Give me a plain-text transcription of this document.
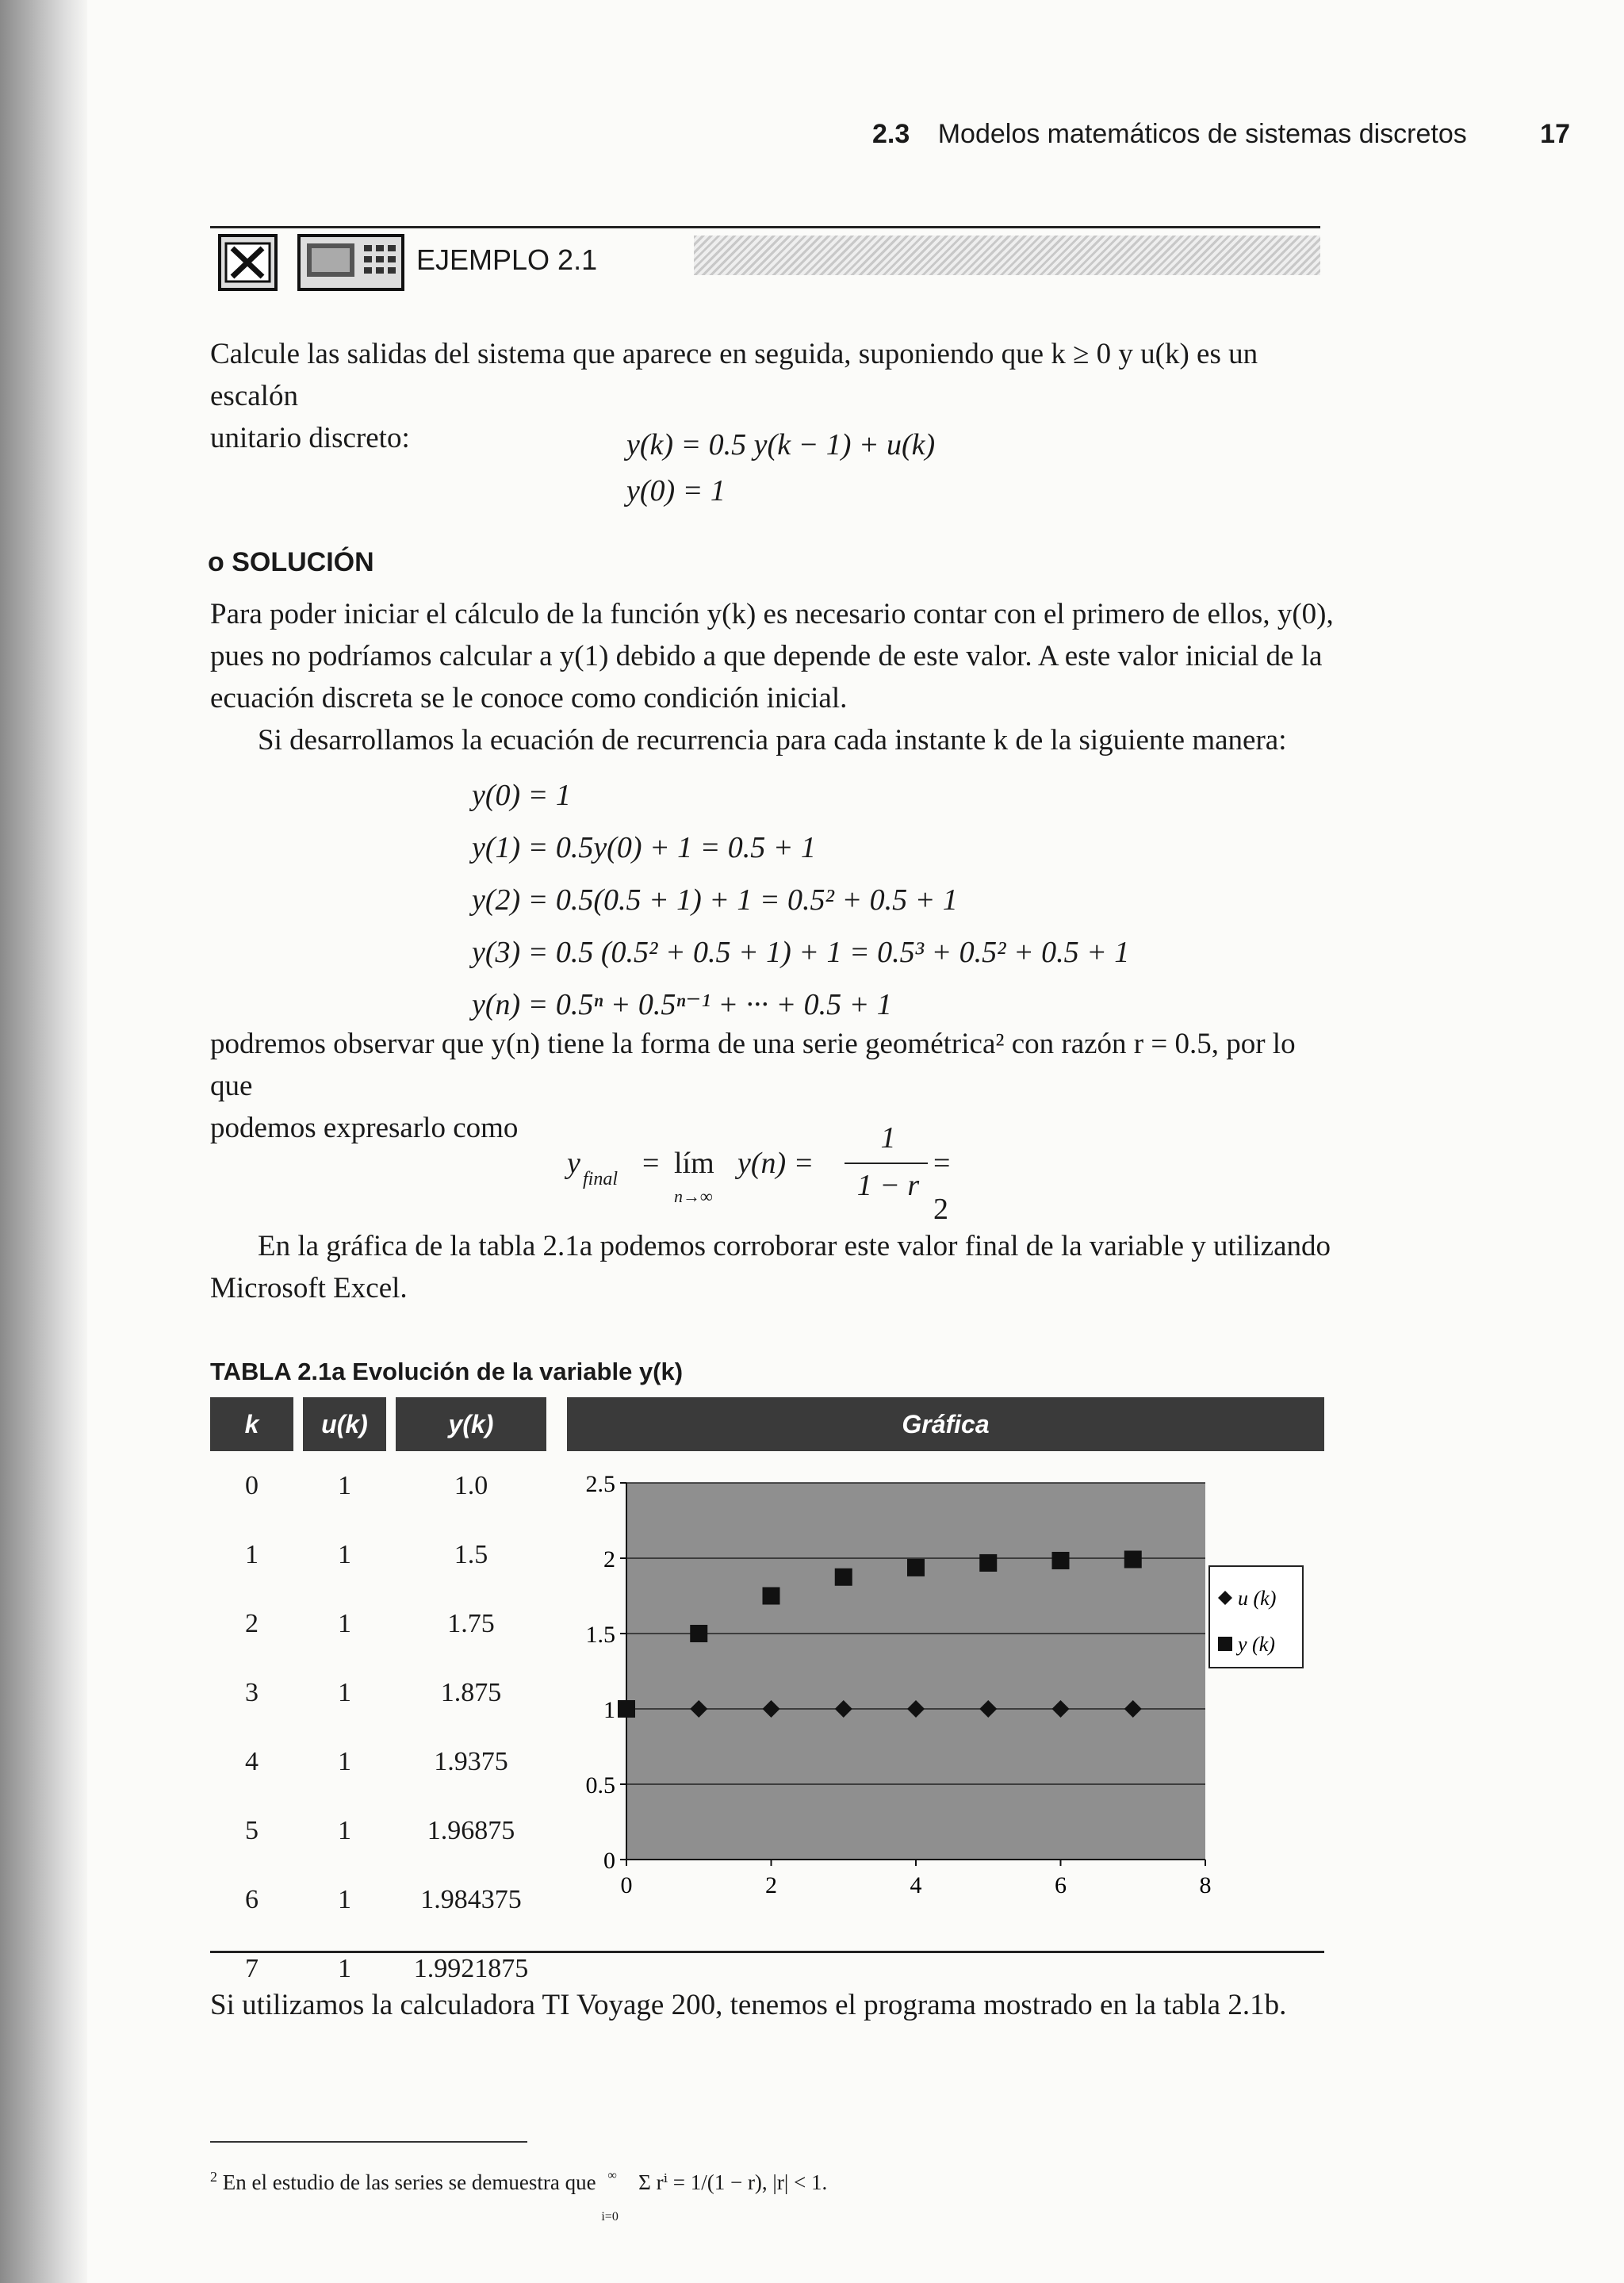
2.3 Modelos matemáticos de sistemas discretos	17
EJEMPLO 2.1
Calcule las salidas del sistema que aparece en seguida, suponiendo que k ≥ 0 y u(k) es un escalón
unitario discreto:	y(k) = 0.5 y(k − 1) + u(k)
y(0) = 1
o SOLUCIÓN
Para poder iniciar el cálculo de la función y(k) es necesario contar con el primero de ellos, y(0),
pues no podríamos calcular a y(1) debido a que depende de este valor. A este valor inicial de la
ecuación discreta se le conoce como condición inicial.
Si desarrollamos la ecuación de recurrencia para cada instante k de la siguiente manera:
y(0) = 1
y(1) = 0.5y(0) + 1 = 0.5 + 1
y(2) = 0.5(0.5 + 1) + 1 = 0.5² + 0.5 + 1
y(3) = 0.5 (0.5² + 0.5 + 1) + 1 = 0.5³ + 0.5² + 0.5 + 1
y(n) = 0.5ⁿ + 0.5ⁿ⁻¹ + ··· + 0.5 + 1
podremos observar que y(n) tiene la forma de una serie geométrica² con razón r = 0.5, por lo que
podemos expresarlo como
y final = lím
n→∞
y(n) =
1
1 − r
= 2
En la gráfica de la tabla 2.1a podemos corroborar este valor final de la variable y utilizando
Microsoft Excel.
TABLA 2.1a Evolución de la variable y(k)
k		u(k)		y(k)
0		1		1.0
1		1		1.5
2		1		1.75
3		1		1.875
4		1		1.9375
5		1		1.96875
6		1		1.984375
7		1		1.9921875
Gráfica
0
0.5
1
1.5
2
2.5
0	2	4	6	8
u (k)
y (k)
Si utilizamos la calculadora TI Voyage 200, tenemos el programa mostrado en la tabla 2.1b.
$^2$ En el estudio de las series se demuestra que ∞
i=0
Σ rⁱ = 1/(1 − r), |r| < 1.
